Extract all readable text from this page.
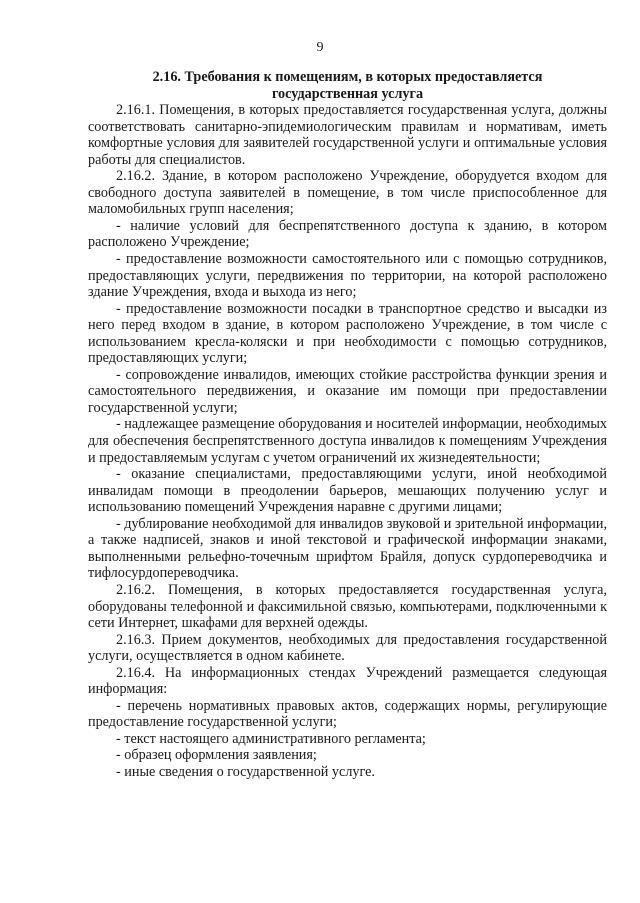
9
2.16. Требования к помещениям, в которых предоставляется
государственная услуга

2.16.1. Помещения, в которых предоставляется государственная услуга, должны соответствовать санитарно-эпидемиологическим правилам и нормативам, иметь комфортные условия для заявителей государственной услуги и оптимальные условия работы для специалистов.

2.16.2. Здание, в котором расположено Учреждение, оборудуется входом для свободного доступа заявителей в помещение, в том числе приспособленное для маломобильных групп населения;

- наличие условий для беспрепятственного доступа к зданию, в котором расположено Учреждение;

- предоставление возможности самостоятельного или с помощью сотрудников, предоставляющих услуги, передвижения по территории, на которой расположено здание Учреждения, входа и выхода из него;

- предоставление возможности посадки в транспортное средство и высадки из него перед входом в здание, в котором расположено Учреждение, в том числе с использованием кресла-коляски и при необходимости с помощью сотрудников, предоставляющих услуги;

- сопровождение инвалидов, имеющих стойкие расстройства функции зрения и самостоятельного передвижения, и оказание им помощи при предоставлении государственной услуги;

- надлежащее размещение оборудования и носителей информации, необходимых для обеспечения беспрепятственного доступа инвалидов к помещениям Учреждения и предоставляемым услугам с учетом ограничений их жизнедеятельности;

- оказание специалистами, предоставляющими услуги, иной необходимой инвалидам помощи в преодолении барьеров, мешающих получению услуг и использованию помещений Учреждения наравне с другими лицами;

- дублирование необходимой для инвалидов звуковой и зрительной информации, а также надписей, знаков и иной текстовой и графической информации знаками, выполненными рельефно-точечным шрифтом Брайля, допуск сурдопереводчика и тифлосурдопереводчика.

2.16.2. Помещения, в которых предоставляется государственная услуга, оборудованы телефонной и факсимильной связью, компьютерами, подключенными к сети Интернет, шкафами для верхней одежды.

2.16.3. Прием документов, необходимых для предоставления государственной услуги, осуществляется в одном кабинете.

2.16.4. На информационных стендах Учреждений размещается следующая информация:

- перечень нормативных правовых актов, содержащих нормы, регулирующие предоставление государственной услуги;

- текст настоящего административного регламента;

- образец оформления заявления;

- иные сведения о государственной услуге.
